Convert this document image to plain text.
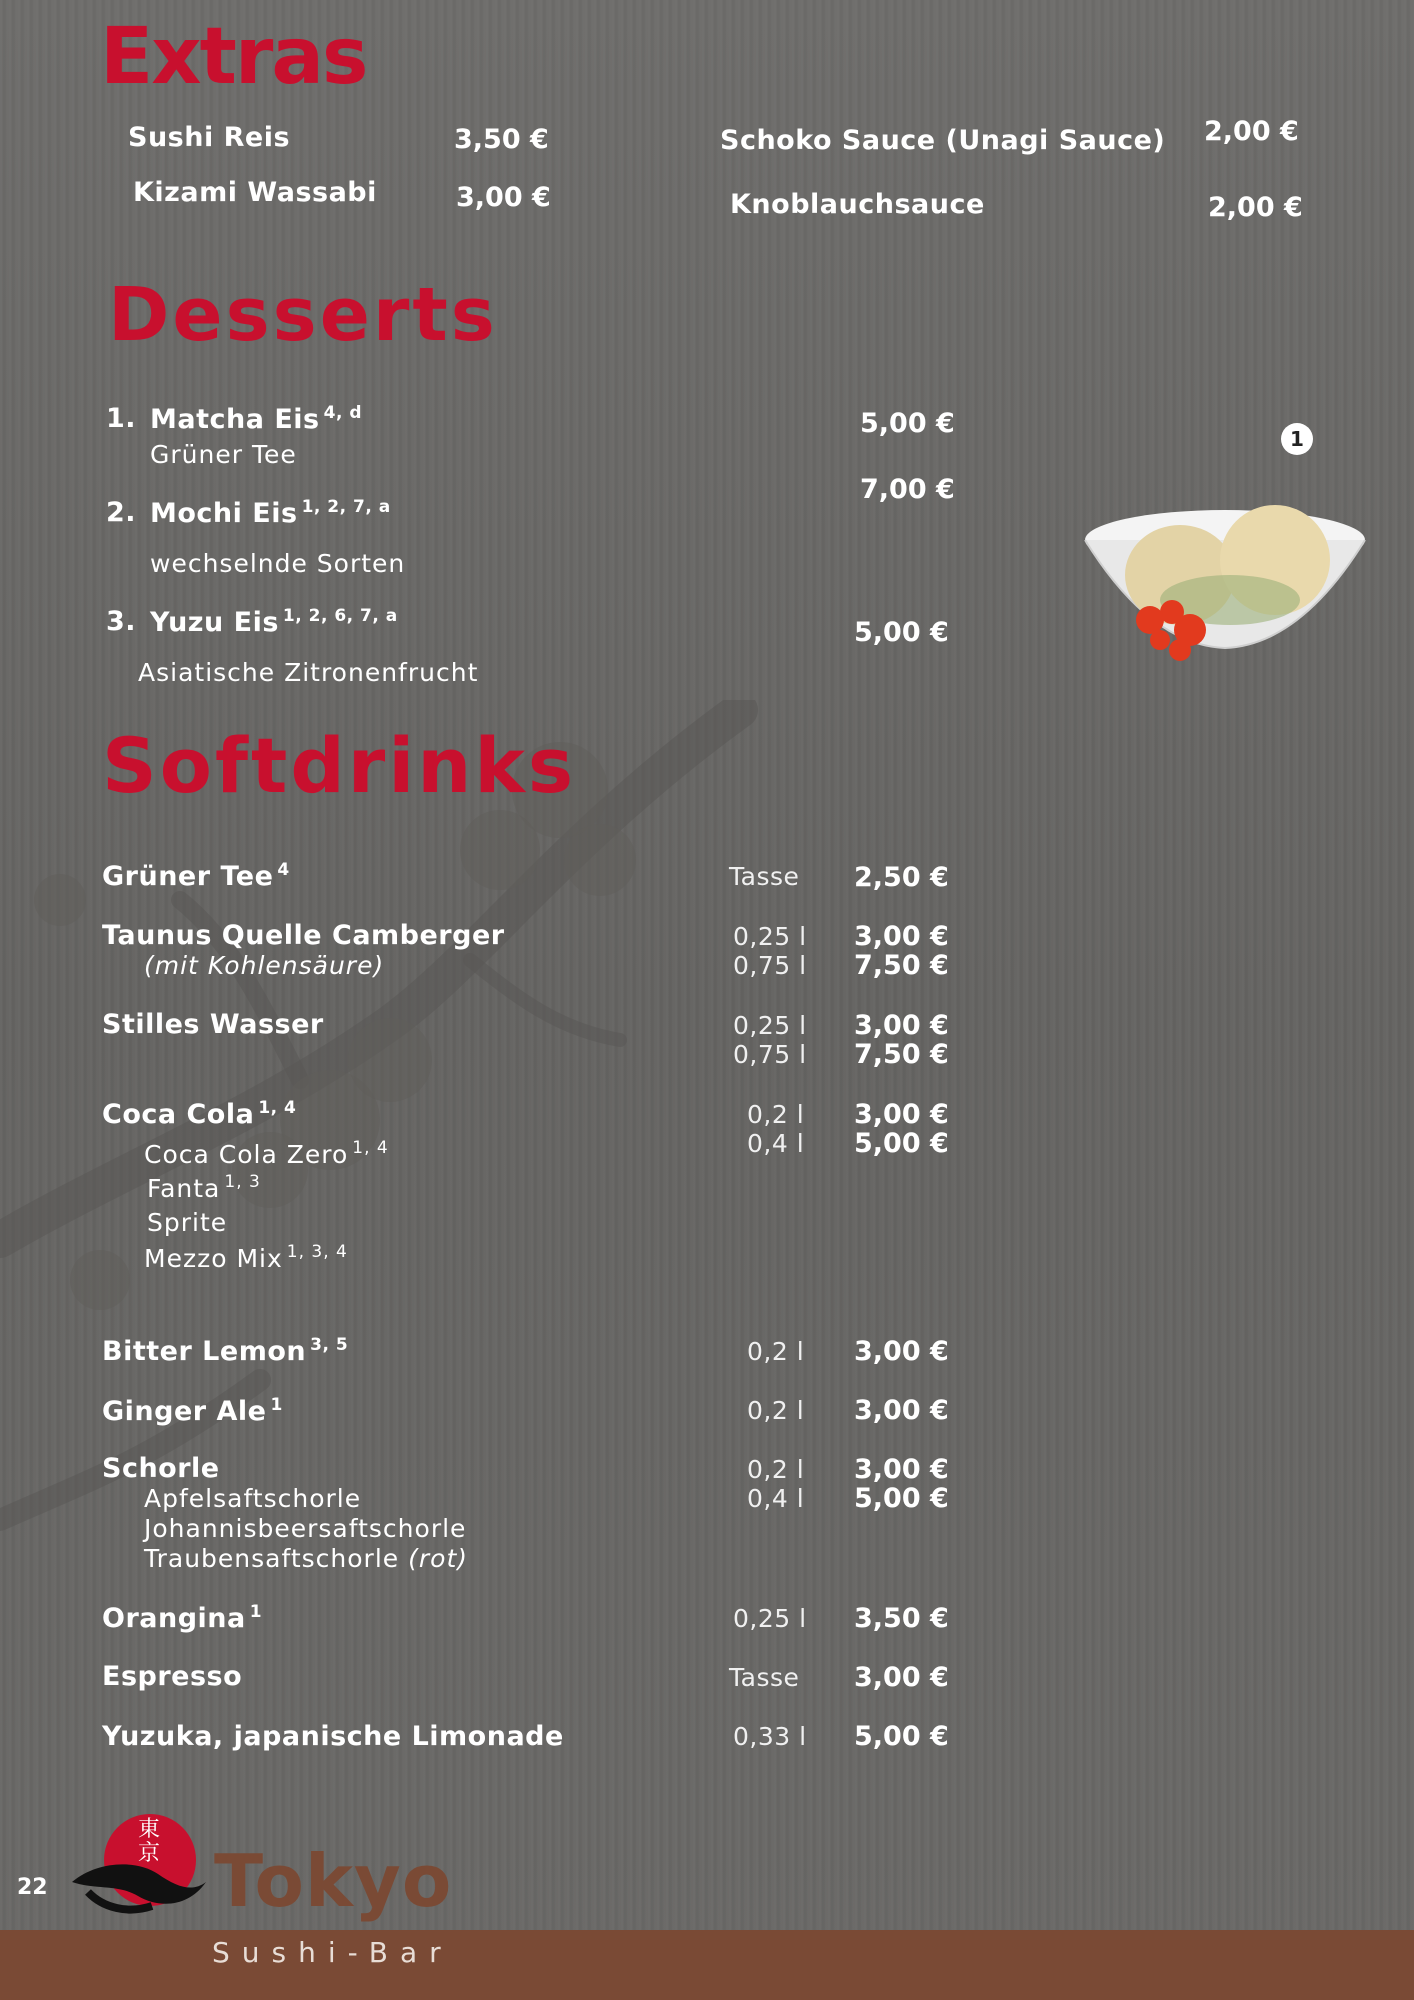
Extras
Sushi Reis	3,50 €
Kizami Wassabi	3,00 €
Schoko Sauce (Unagi Sauce) 2,00 €
Knoblauchsauce	2,00 €
Desserts
1. Matcha Eis $^{4, d}$
Grüner Tee
5,00 €
2. Mochi Eis $^{1, 2, 7, a}$
wechselnde Sorten
7,00 €
3. Yuzu Eis $^{1, 2, 6, 7, a}$
Asiatische Zitronenfrucht
5,00 €
1
Softdrinks
Grüner Tee $^4$	Tasse 2,50 €
Taunus Quelle Camberger
(mit Kohlensäure)
0,25 l 3,00 €
0,75 l 7,50 €
Stilles Wasser	0,25 l 3,00 €
0,75 l 7,50 €
Coca Cola $^{1, 4}$	0,2 l 3,00 €
0,4 l 5,00 €
Coca Cola Zero $^{1, 4}$
Fanta $^{1, 3}$
Sprite
Mezzo Mix $^{1, 3, 4}$
Bitter Lemon $^{3, 5}$	0,2 l 3,00 €
Ginger Ale $^1$	0,2 l 3,00 €
Schorle	0,2 l 3,00 €
0,4 l 5,00 €
Apfelsaftschorle
Johannisbeersaftschorle
Traubensaftschorle (rot)
Orangina $^1$	0,25 l 3,50 €
Espresso	Tasse 3,00 €
Yuzuka, japanische Limonade	0,33 l 5,00 €
22
東京 Tokyo
Sushi-Bar
